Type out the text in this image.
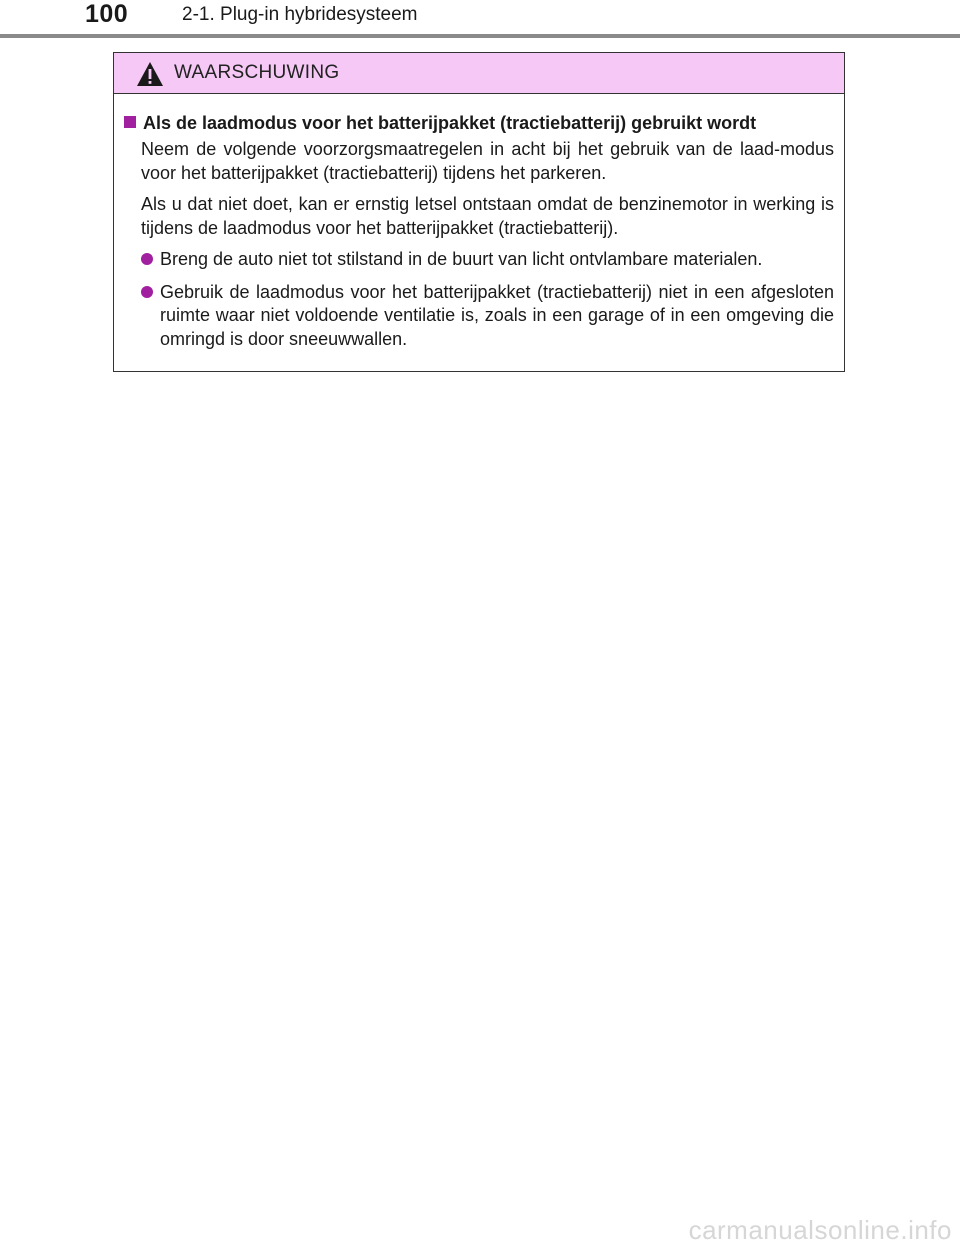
100	2-1. Plug-in hybridesysteem
WAARSCHUWING
Als de laadmodus voor het batterijpakket (tractiebatterij) gebruikt wordt

Neem de volgende voorzorgsmaatregelen in acht bij het gebruik van de laad-modus voor het batterijpakket (tractiebatterij) tijdens het parkeren.

Als u dat niet doet, kan er ernstig letsel ontstaan omdat de benzinemotor in werking is tijdens de laadmodus voor het batterijpakket (tractiebatterij).

Breng de auto niet tot stilstand in de buurt van licht ontvlambare materialen.
Gebruik de laadmodus voor het batterijpakket (tractiebatterij) niet in een afgesloten ruimte waar niet voldoende ventilatie is, zoals in een garage of in een omgeving die omringd is door sneeuwwallen.
carmanualsonline.info
